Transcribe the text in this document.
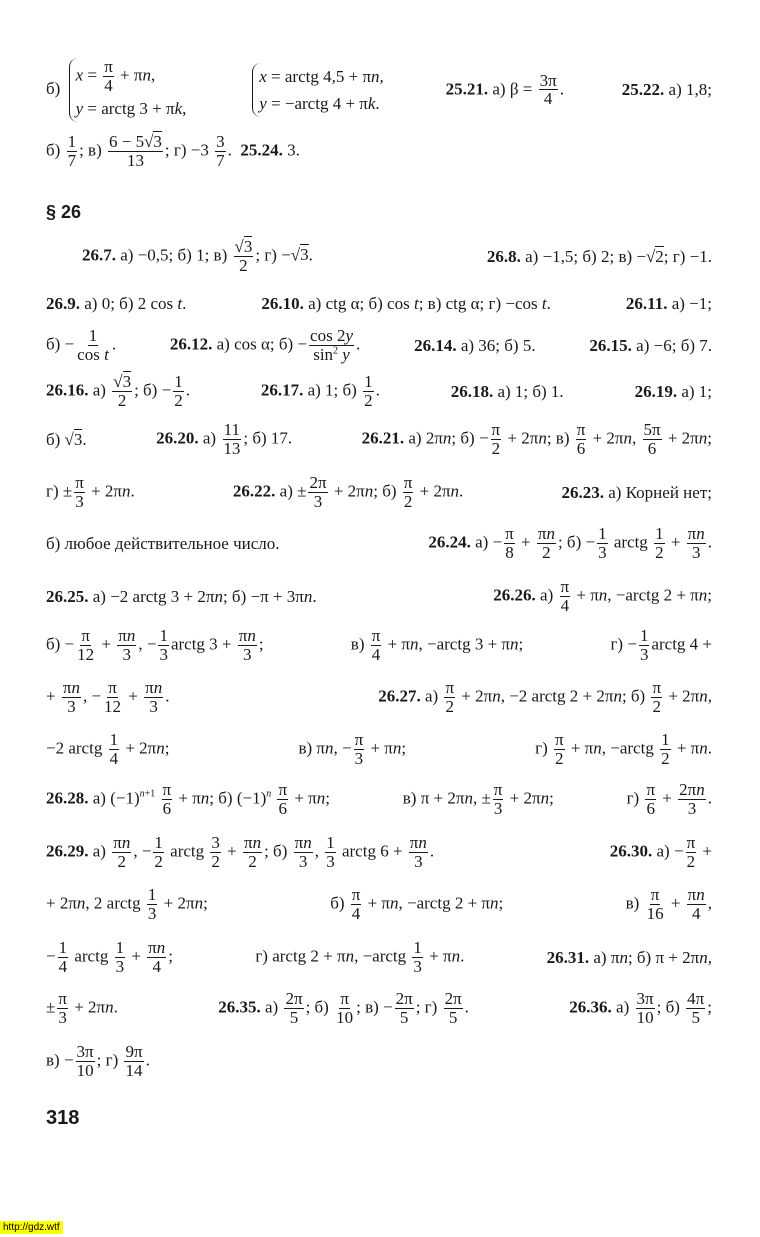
б)
$x = \frac{\pi}{4} + \pi n$,
y = arctg 3 + πk,
x = arctg 4,5 + πn,
y = −arctg 4 + πk.
25.21. а) $\beta = \frac{3\pi}{4}$ .	25.22. а) 1,8;
$б) \frac{1}{7}$ ; $в) \frac{6 - 5√3}{13}$ ; $г) -3 \frac{3}{7}$ .  25.24. 3.
§ 26
26.7. а) −0,5; б) 1; $в) \frac{√3}{2}$ ; г) −√3.	26.8. а) −1,5; б) 2; в) −√2; г) −1.
26.9. а) 0; б) 2 cos t.	26.10. а) ctg α; б) cos t; в) ctg α; г) −cos t.	26.11. а) −1;
$б) - \frac{1}{\text{cos t}}$ .	26.12. а) cos α; $б) - \frac{\cos 2y}{\sin^2 y}$ .	26.14. а) 36; б) 5.	26.15. а) −6; б) 7.
26.16. $а) \frac{√3}{2}$ ; $б) - \frac{1}{2}$ .	26.17. а) 1; $б) \frac{1}{2}$ .	26.18. а) 1; б) 1.	26.19. а) 1;
б) √3.	26.20. $а) \frac{11}{13}$ ; б) 17.	26.21. а) 2πn; $б) - \frac{\pi}{2} + 2\pi n$; $в) \frac{\pi}{6} + 2\pi n$, $\frac{5\pi}{6} + 2\pi n$;
$г) \pm \frac{\pi}{3} + 2\pi n$.	26.22. $а) \pm \frac{2\pi}{3} + 2\pi n$; $б) \frac{\pi}{2} + 2\pi n$.	26.23. а) Корней нет;
б) любое действительное число.	26.24. $а) - \frac{\pi}{8} + \frac{\pi n}{2}$ ; $б) - \frac{1}{3}$ arctg $\frac{1}{2} + \frac{\pi n}{3}$ .
26.25. а) −2 arctg 3 + 2πn; б) −π + 3πn.	26.26. $а) \frac{\pi}{4} + \pi n$, −arctg 2 + πn;
$б) - \frac{\pi}{12} + \frac{\pi n}{3}$ , − $\frac{1}{3}$ arctg $3 + \frac{\pi n}{3}$ ;	$в) \frac{\pi}{4} + \pi n$, −arctg 3 + πn;	$г) - \frac{1}{3}$ arctg 4 +
+ $\frac{\pi n}{3}$ , − $\frac{\pi}{12} + \frac{\pi n}{3}$ .	26.27. $а) \frac{\pi}{2} + 2\pi n$, −2 arctg 2 + 2πn; $б) \frac{\pi}{2} + 2\pi n$,
−2 arctg $\frac{1}{4} + 2\pi n$;	в) πn, − $\frac{\pi}{3} + \pi n$;	$г) \frac{\pi}{2} + \pi n$, −arctg $\frac{1}{2} + \pi n$.
26.28. а) $(-1)^{n+1} \frac{\pi}{6} + \pi n$; б) $(-1)^n \frac{\pi}{6} + \pi n$;	в) π + 2πn, ± $\frac{\pi}{3} + 2\pi n$;	$г) \frac{\pi}{6} + \frac{2\pi n}{3}$ .
26.29. $а) \frac{\pi n}{2}$ , − $\frac{1}{2}$ arctg $\frac{3}{2} + \frac{\pi n}{2}$ ; $б) \frac{\pi n}{3}$ , $\frac{1}{3}$ arctg $6 + \frac{\pi n}{3}$ .	26.30. $а) - \frac{\pi}{2}$ +
+ 2πn, 2 arctg $\frac{1}{3} + 2\pi n$;	$б) \frac{\pi}{4} + \pi n$, −arctg 2 + πn;	$в) \frac{\pi}{16} + \frac{\pi n}{4}$ ,
− $\frac{1}{4}$ arctg $\frac{1}{3} + \frac{\pi n}{4}$ ;	г) arctg 2 + πn, −arctg $\frac{1}{3} + \pi n$.	26.31. а) πn; б) π + 2πn,
± $\frac{\pi}{3} + 2\pi n$.	26.35. $а) \frac{2\pi}{5}$ ; $б) \frac{\pi}{10}$ ; $в) - \frac{2\pi}{5}$ ; $г) \frac{2\pi}{5}$ .	26.36. $а) \frac{3\pi}{10}$ ; $б) \frac{4\pi}{5}$ ;
$в) - \frac{3\pi}{10}$ ; $г) \frac{9\pi}{14}$ .
318
http://gdz.wtf
